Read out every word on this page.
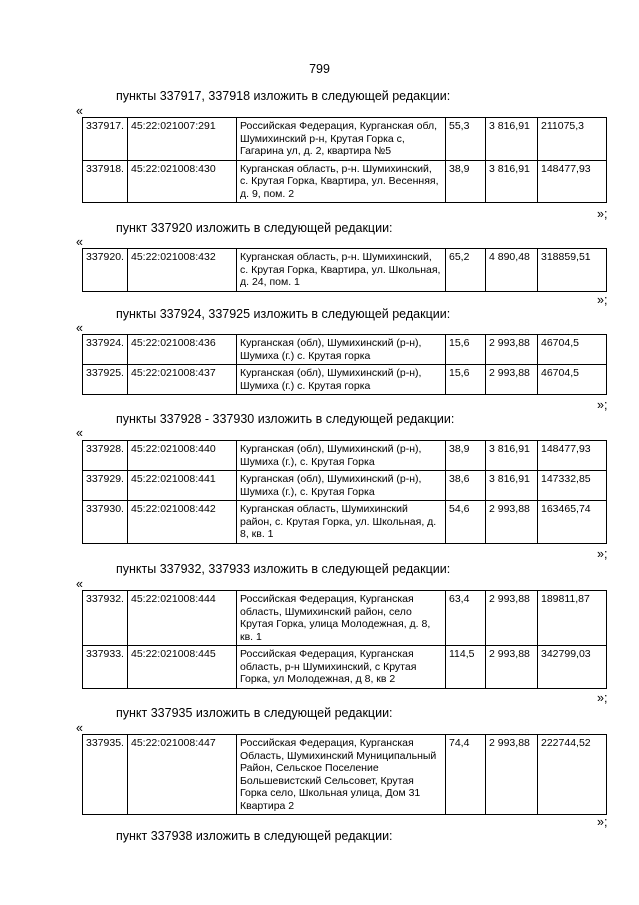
799
пункты 337917, 337918 изложить в следующей редакции:
«
337917.	45:22:021007:291	Российская Федерация, Курганская обл, Шумихинский р-н, Крутая Горка с, Гагарина ул, д. 2, квартира №5	55,3	3 816,91	211075,3
337918.	45:22:021008:430	Курганская область, р-н. Шумихинский, с. Крутая Горка, Квартира, ул. Весенняя, д. 9, пом. 2	38,9	3 816,91	148477,93
»;
пункт 337920 изложить в следующей редакции:
«
337920.	45:22:021008:432	Курганская область, р-н. Шумихинский, с. Крутая Горка, Квартира, ул. Школьная, д. 24, пом. 1	65,2	4 890,48	318859,51
»;
пункты 337924, 337925 изложить в следующей редакции:
«
337924.	45:22:021008:436	Курганская (обл), Шумихинский (р-н), Шумиха (г.) с. Крутая горка	15,6	2 993,88	46704,5
337925.	45:22:021008:437	Курганская (обл), Шумихинский (р-н), Шумиха (г.) с. Крутая горка	15,6	2 993,88	46704,5
»;
пункты 337928 - 337930 изложить в следующей редакции:
«
337928.	45:22:021008:440	Курганская (обл), Шумихинский (р-н), Шумиха (г.), с. Крутая Горка	38,9	3 816,91	148477,93
337929.	45:22:021008:441	Курганская (обл), Шумихинский (р-н), Шумиха (г.), с. Крутая Горка	38,6	3 816,91	147332,85
337930.	45:22:021008:442	Курганская область, Шумихинский район, с. Крутая Горка, ул. Школьная, д. 8, кв. 1	54,6	2 993,88	163465,74
»;
пункты 337932, 337933 изложить в следующей редакции:
«
337932.	45:22:021008:444	Российская Федерация, Курганская область, Шумихинский район, село Крутая Горка, улица Молодежная, д. 8, кв. 1	63,4	2 993,88	189811,87
337933.	45:22:021008:445	Российская Федерация, Курганская область, р-н Шумихинский, с Крутая Горка, ул Молодежная, д 8, кв 2	114,5	2 993,88	342799,03
»;
пункт 337935 изложить в следующей редакции:
«
337935.	45:22:021008:447	Российская Федерация, Курганская Область, Шумихинский Муниципальный Район, Сельское Поселение Большевистский Сельсовет, Крутая Горка село, Школьная улица, Дом 31 Квартира 2	74,4	2 993,88	222744,52
»;
пункт 337938 изложить в следующей редакции:
